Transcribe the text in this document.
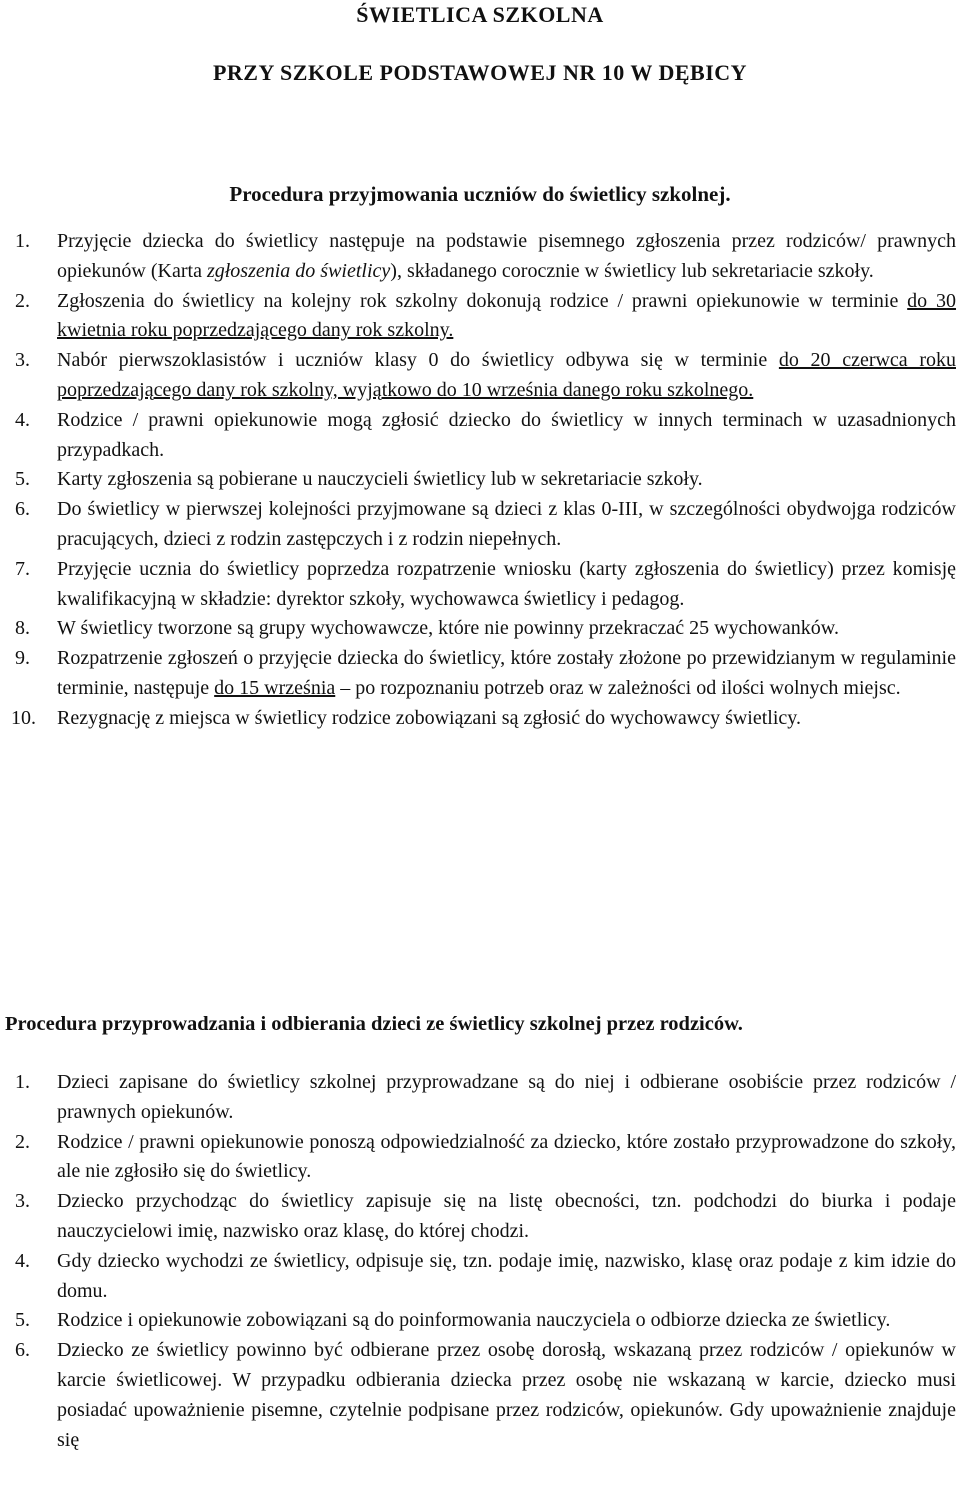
ŚWIETLICA SZKOLNA
PRZY SZKOLE PODSTAWOWEJ NR 10 W DĘBICY
Procedura przyjmowania uczniów do świetlicy szkolnej.
1. Przyjęcie dziecka do świetlicy następuje na podstawie pisemnego zgłoszenia przez rodziców/ prawnych opiekunów (Karta zgłoszenia do świetlicy), składanego corocznie w świetlicy lub sekretariacie szkoły.
2. Zgłoszenia do świetlicy na kolejny rok szkolny dokonują rodzice / prawni opiekunowie w terminie do 30 kwietnia roku poprzedzającego dany rok szkolny.
3. Nabór pierwszoklasistów i uczniów klasy 0 do świetlicy odbywa się w terminie do 20 czerwca roku poprzedzającego dany rok szkolny, wyjątkowo do 10 września danego roku szkolnego.
4. Rodzice / prawni opiekunowie mogą zgłosić dziecko do świetlicy w innych terminach w uzasadnionych przypadkach.
5. Karty zgłoszenia są pobierane u nauczycieli świetlicy lub w sekretariacie szkoły.
6. Do świetlicy w pierwszej kolejności przyjmowane są dzieci z klas 0-III, w szczególności obydwojga rodziców pracujących, dzieci z rodzin zastępczych i z rodzin niepełnych.
7. Przyjęcie ucznia do świetlicy poprzedza rozpatrzenie wniosku (karty zgłoszenia do świetlicy) przez komisję kwalifikacyjną w składzie: dyrektor szkoły, wychowawca świetlicy i pedagog.
8. W świetlicy tworzone są grupy wychowawcze, które nie powinny przekraczać 25 wychowanków.
9. Rozpatrzenie zgłoszeń o przyjęcie dziecka do świetlicy, które zostały złożone po przewidzianym w regulaminie terminie, następuje do 15 września – po rozpoznaniu potrzeb oraz w zależności od ilości wolnych miejsc.
10. Rezygnację z miejsca w świetlicy rodzice zobowiązani są zgłosić do wychowawcy świetlicy.
Procedura przyprowadzania i odbierania dzieci ze świetlicy szkolnej przez rodziców.
1. Dzieci zapisane do świetlicy szkolnej przyprowadzane są do niej i odbierane osobiście przez rodziców / prawnych opiekunów.
2. Rodzice / prawni opiekunowie ponoszą odpowiedzialność za dziecko, które zostało przyprowadzone do szkoły, ale nie zgłosiło się do świetlicy.
3. Dziecko przychodząc do świetlicy zapisuje się na listę obecności, tzn. podchodzi do biurka i podaje nauczycielowi imię, nazwisko oraz klasę, do której chodzi.
4. Gdy dziecko wychodzi ze świetlicy, odpisuje się, tzn. podaje imię, nazwisko, klasę oraz podaje z kim idzie do domu.
5. Rodzice i opiekunowie zobowiązani są do poinformowania nauczyciela o odbiorze dziecka ze świetlicy.
6. Dziecko ze świetlicy powinno być odbierane przez osobę dorosłą, wskazaną przez rodziców / opiekunów w karcie świetlicowej. W przypadku odbierania dziecka przez osobę nie wskazaną w karcie, dziecko musi posiadać upoważnienie pisemne, czytelnie podpisane przez rodziców, opiekunów. Gdy upoważnienie znajduje się
